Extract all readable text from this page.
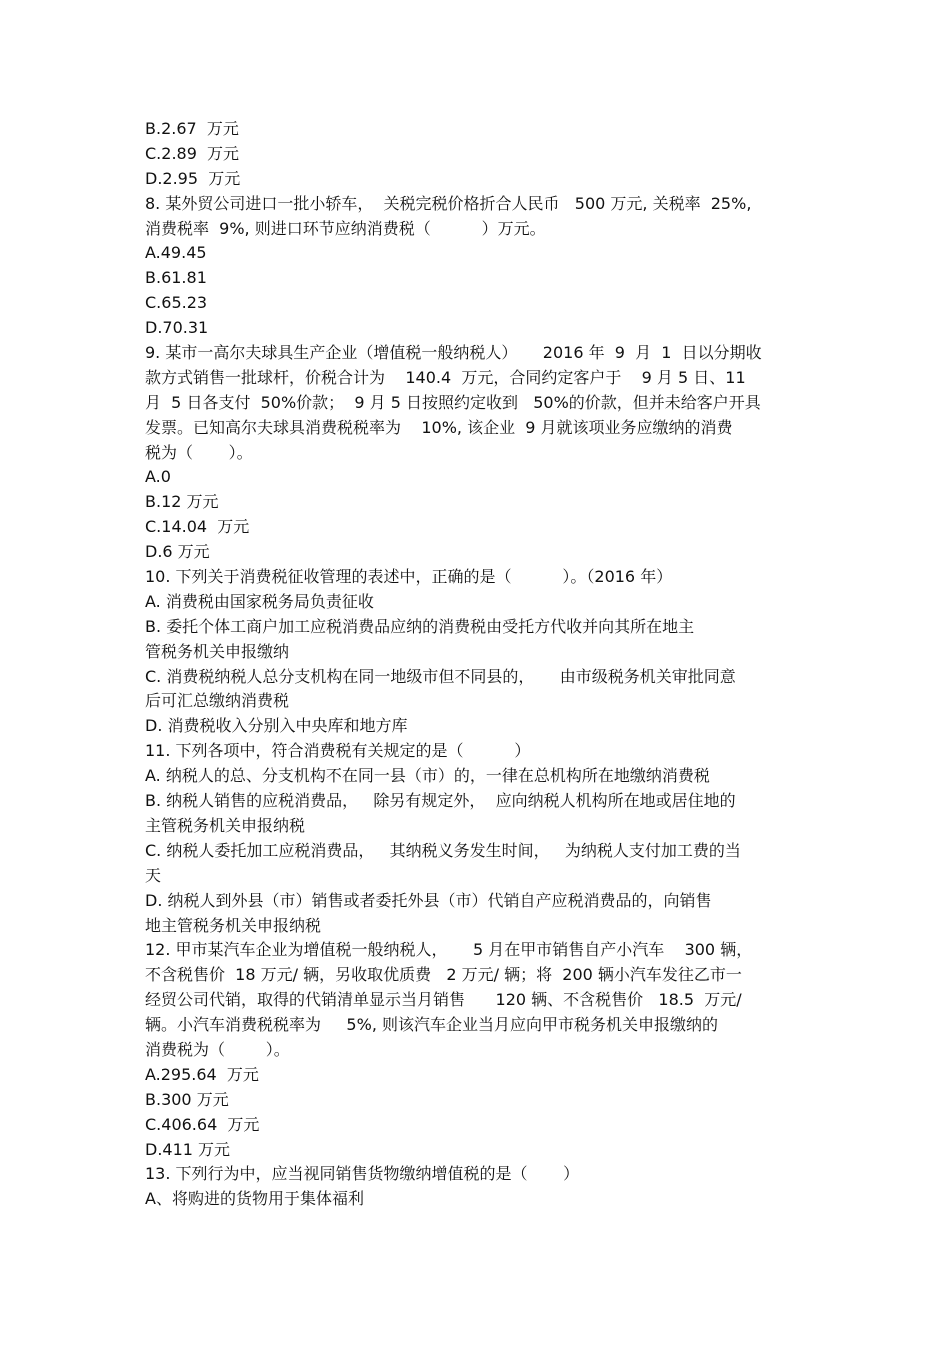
B.2.67  万元
C.2.89  万元
D.2.95  万元
8. 某外贸公司进口一批小轿车，  关税完税价格折合人民币   500 万元, 关税率  25%,
消费税率  9%, 则进口环节应纳消费税（          ）万元。
A.49.45
B.61.81
C.65.23
D.70.31
9. 某市一高尔夫球具生产企业（增值税一般纳税人）     2016 年  9  月  1  日以分期收
款方式销售一批球杆，价税合计为    140.4  万元，合同约定客户于    9 月 5 日、11
月  5 日各支付  50%价款；  9 月 5 日按照约定收到   50%的价款，但并未给客户开具
发票。已知高尔夫球具消费税税率为    10%, 该企业  9 月就该项业务应缴纳的消费
税为（       ）。
A.0
B.12 万元
C.14.04  万元
D.6 万元
10. 下列关于消费税征收管理的表述中，正确的是（          ）。（2016 年）
A. 消费税由国家税务局负责征收
B. 委托个体工商户加工应税消费品应纳的消费税由受托方代收并向其所在地主
管税务机关申报缴纳
C. 消费税纳税人总分支机构在同一地级市但不同县的，     由市级税务机关审批同意
后可汇总缴纳消费税
D. 消费税收入分别入中央库和地方库
11. 下列各项中，符合消费税有关规定的是（          ）
A. 纳税人的总、分支机构不在同一县（市）的，一律在总机构所在地缴纳消费税
B. 纳税人销售的应税消费品，   除另有规定外，  应向纳税人机构所在地或居住地的
主管税务机关申报纳税
C. 纳税人委托加工应税消费品，   其纳税义务发生时间，   为纳税人支付加工费的当
天
D. 纳税人到外县（市）销售或者委托外县（市）代销自产应税消费品的，向销售
地主管税务机关申报纳税
12. 甲市某汽车企业为增值税一般纳税人，     5 月在甲市销售自产小汽车    300 辆，
不含税售价  18 万元/ 辆，另收取优质费   2 万元/ 辆；将  200 辆小汽车发往乙市一
经贸公司代销，取得的代销清单显示当月销售      120 辆、不含税售价   18.5  万元/
辆。小汽车消费税税率为     5%, 则该汽车企业当月应向甲市税务机关申报缴纳的
消费税为（        ）。
A.295.64  万元
B.300 万元
C.406.64  万元
D.411 万元
13. 下列行为中，应当视同销售货物缴纳增值税的是（       ）
A、将购进的货物用于集体福利
